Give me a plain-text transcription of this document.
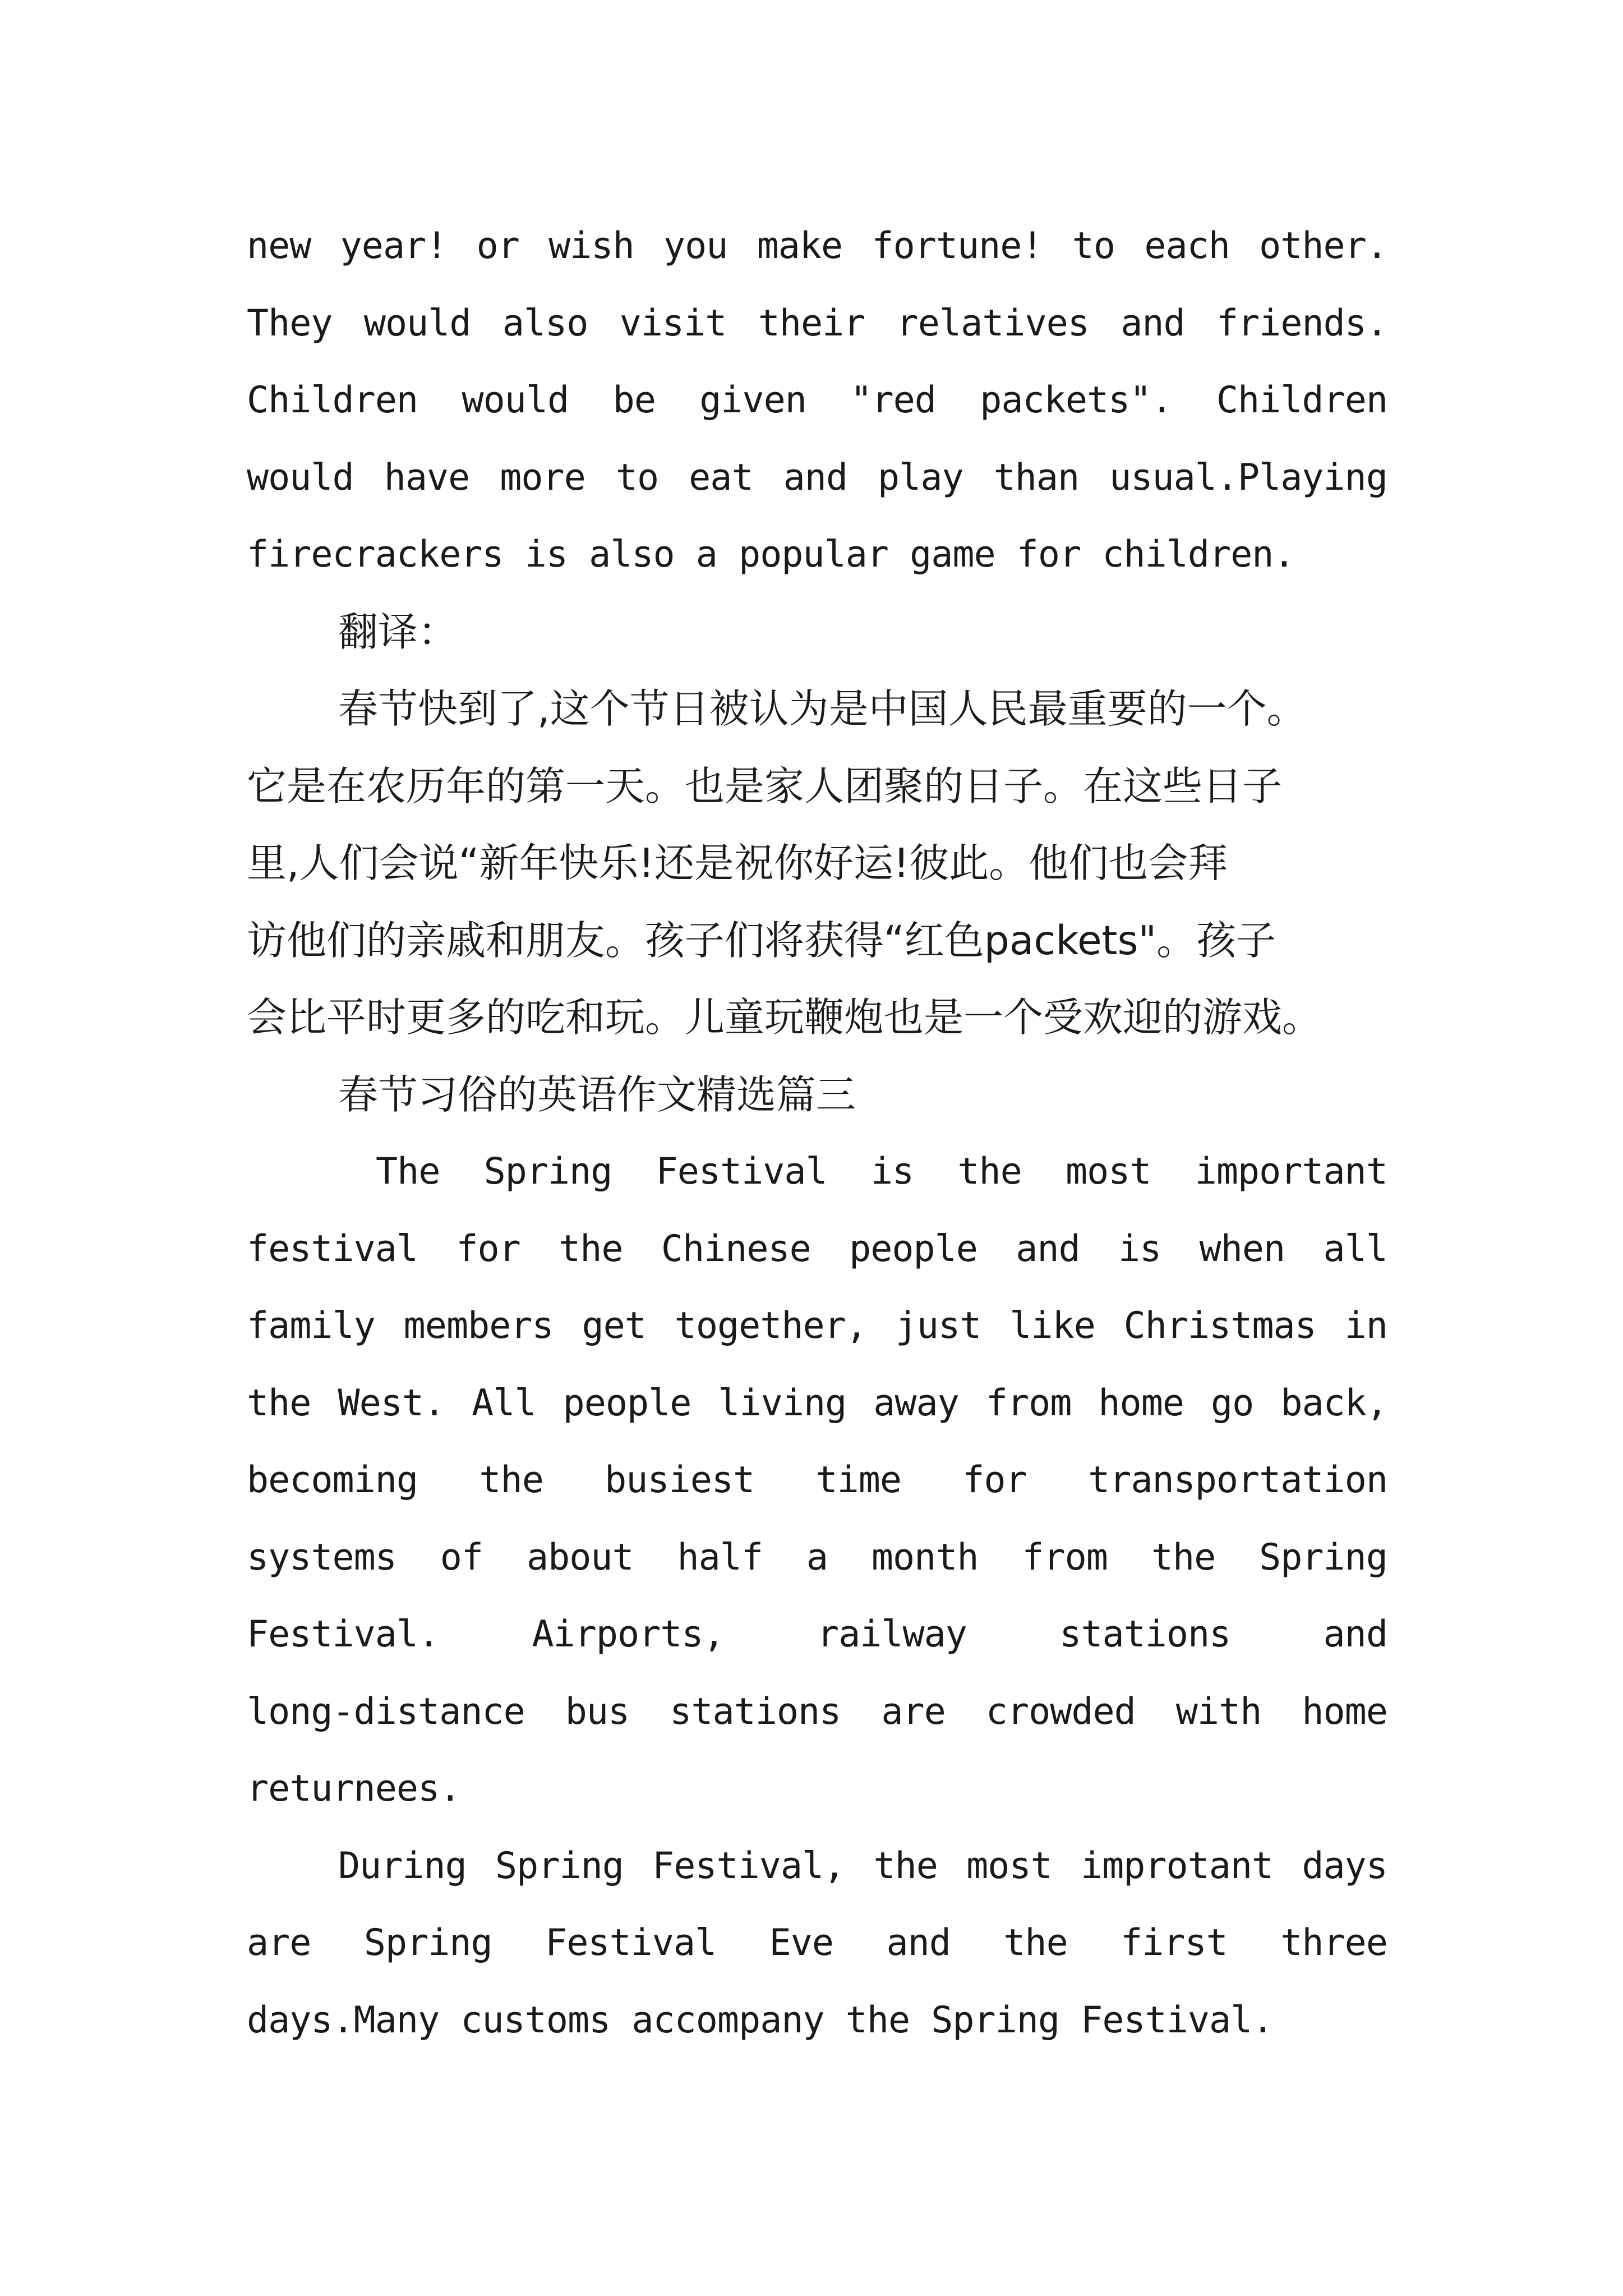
new year! or wish you make fortune! to each other.
They would also visit their relatives and friends.
Children would be given "red packets". Children
would have more to eat and play than usual.Playing
firecrackers is also a popular game for children.
翻译：
春节快到了,这个节日被认为是中国人民最重要的一个。
它是在农历年的第一天。也是家人团聚的日子。在这些日子
里,人们会说“新年快乐!还是祝你好运!彼此。他们也会拜
访他们的亲戚和朋友。孩子们将获得“红色packets"。孩子
会比平时更多的吃和玩。儿童玩鞭炮也是一个受欢迎的游戏。
春节习俗的英语作文精选篇三
The Spring Festival is the most important
festival for the Chinese people and is when all
family members get together, just like Christmas in
the West. All people living away from home go back,
becoming the busiest time for transportation
systems of about half a month from the Spring
Festival.	Airports,	railway	stations	and
long-distance bus stations are crowded with home
returnees.
During Spring Festival, the most improtant days
are Spring Festival Eve and the first three
days.Many customs accompany the Spring Festival.
